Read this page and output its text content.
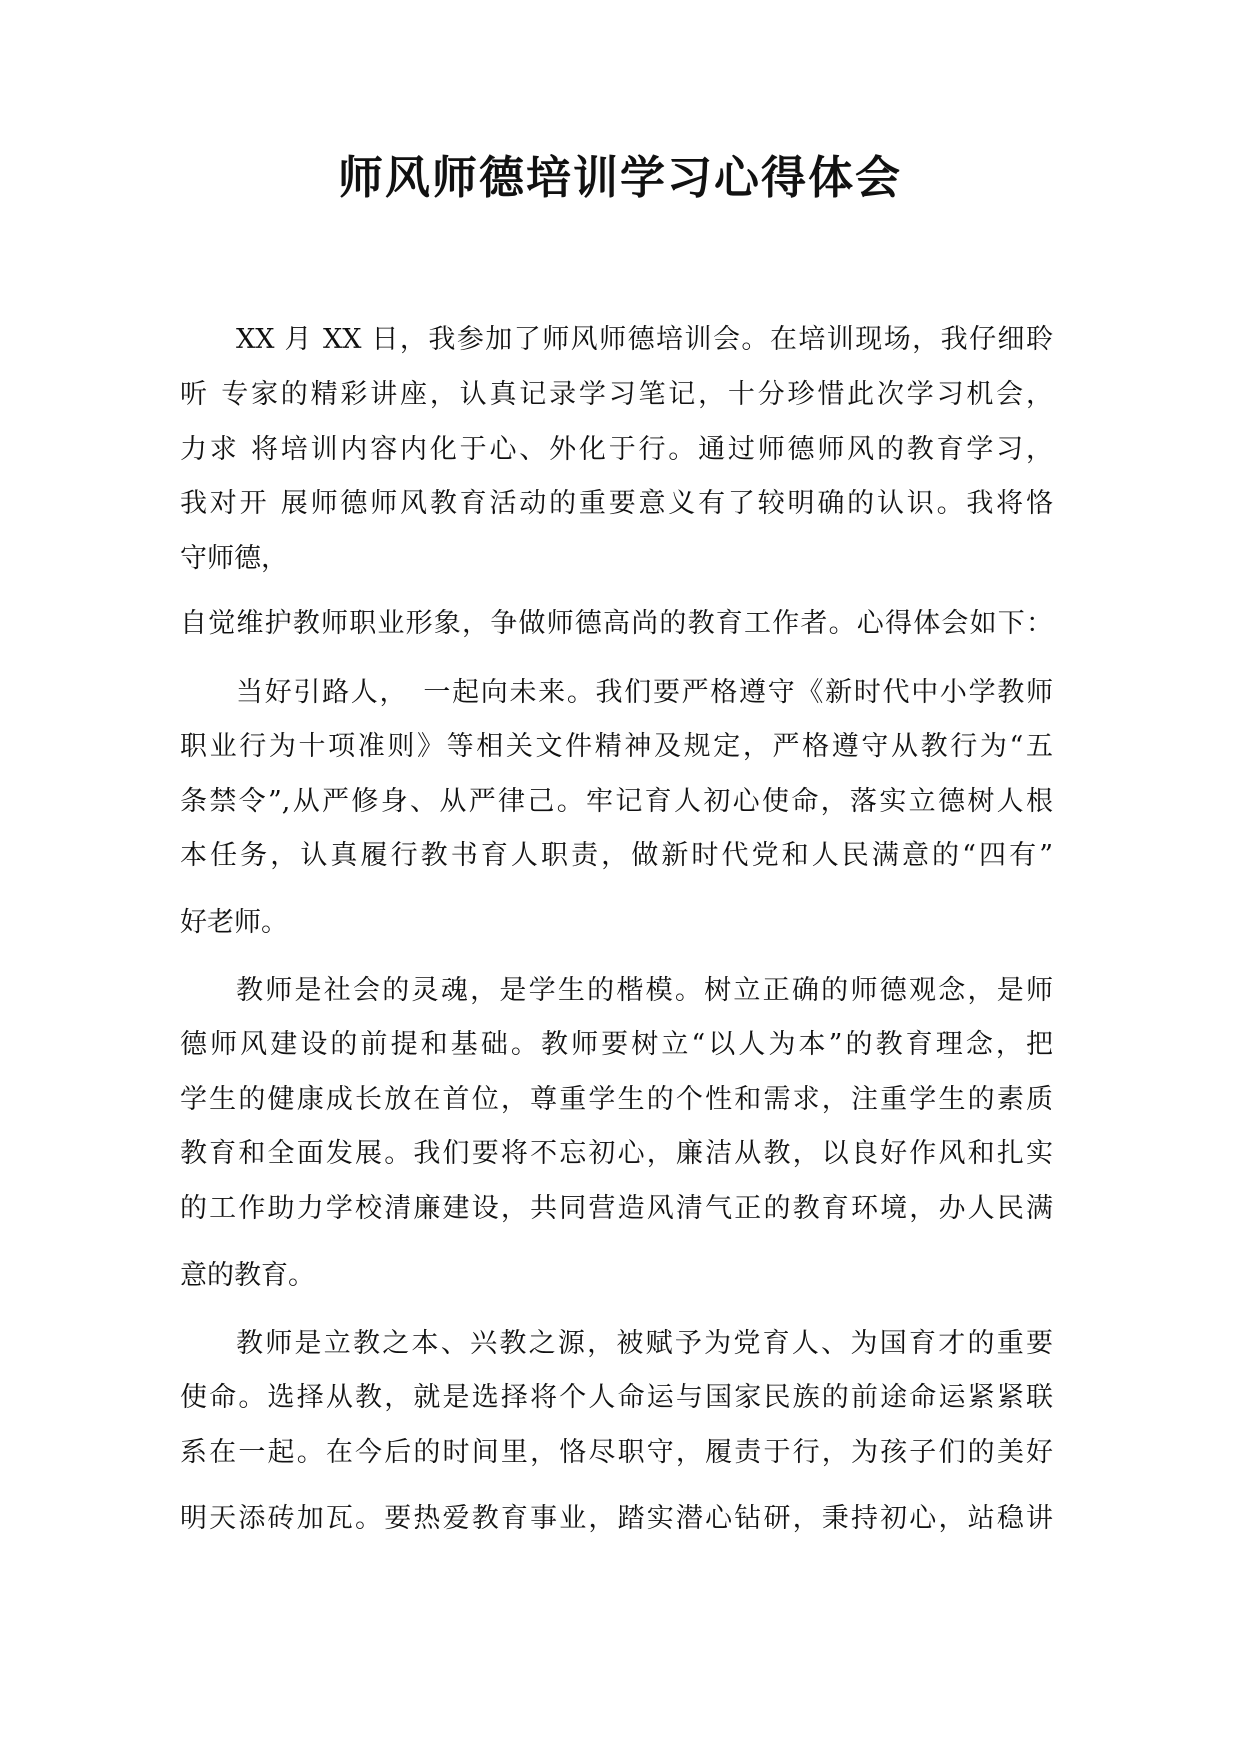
师风师德培训学习心得体会
XX 月 XX 日，我参加了师风师德培训会。在培训现场，我仔细聆
听 专家的精彩讲座，认真记录学习笔记，十分珍惜此次学习机会，
力求 将培训内容内化于心、外化于行。通过师德师风的教育学习，
我对开 展师德师风教育活动的重要意义有了较明确的认识。我将恪
守师德，
自觉维护教师职业形象，争做师德高尚的教育工作者。心得体会如下：
当好引路人，　一起向未来。我们要严格遵守《新时代中小学教师
职业行为十项准则》等相关文件精神及规定，严格遵守从教行为“五
条禁令”,从严修身、从严律己。牢记育人初心使命，落实立德树人根
本任务，认真履行教书育人职责，做新时代党和人民满意的“四有”
好老师。
教师是社会的灵魂，是学生的楷模。树立正确的师德观念，是师
德师风建设的前提和基础。教师要树立“以人为本”的教育理念，把
学生的健康成长放在首位，尊重学生的个性和需求，注重学生的素质
教育和全面发展。我们要将不忘初心，廉洁从教，以良好作风和扎实
的工作助力学校清廉建设，共同营造风清气正的教育环境，办人民满
意的教育。
教师是立教之本、兴教之源，被赋予为党育人、为国育才的重要
使命。选择从教，就是选择将个人命运与国家民族的前途命运紧紧联
系在一起。在今后的时间里，恪尽职守，履责于行，为孩子们的美好
明天添砖加瓦。要热爱教育事业，踏实潜心钻研，秉持初心，站稳讲
